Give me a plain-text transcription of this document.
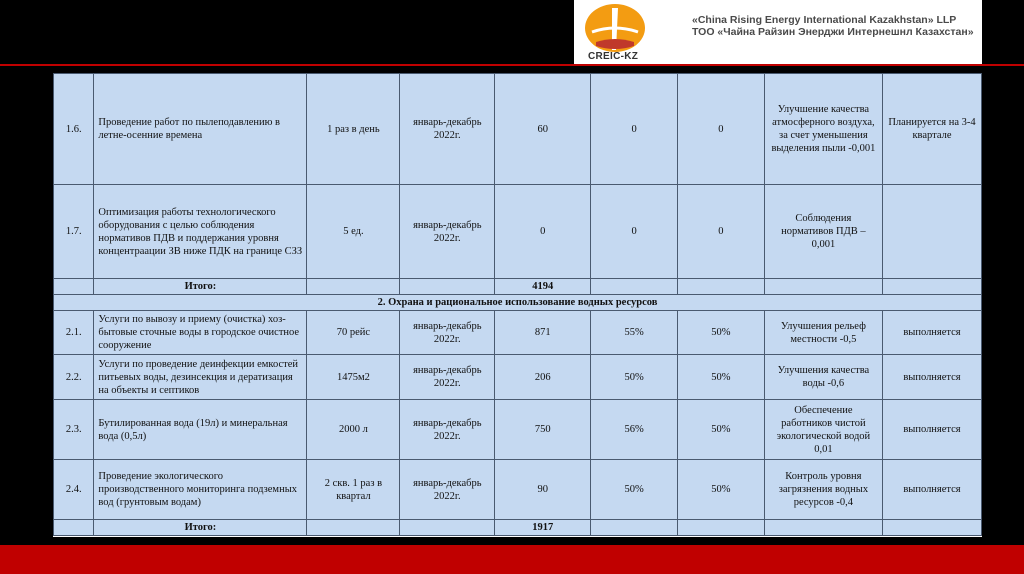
CREIC-KZ
«China Rising Energy International Kazakhstan» LLP
ТОО «Чайна Райзин Энерджи Интернешнл Казахстан»
1.6.	Проведение работ по пылеподавлению в летне-осенние времена	1 раз в день	январь-декабрь 2022г.	60	0	0	Улучшение качества атмосферного воздуха, за счет уменьшения выделения пыли -0,001	Планируется на 3-4 квартале
1.7.	Оптимизация работы технологического оборудования с целью соблюдения нормативов ПДВ и поддержания уровня концентраации ЗВ ниже ПДК на границе СЗЗ	5 ед.	январь-декабрь 2022г.	0	0	0	Соблюдения нормативов ПДВ – 0,001	
	Итого:			4194				
2. Охрана и рациональное использование водных ресурсов								
2.1.	Услуги по вывозу и приему (очистка) хоз-бытовые сточные воды в городское очистное сооружение	70 рейс	январь-декабрь 2022г.	871	55%	50%	Улучшения рельеф местности -0,5	выполняется
2.2.	Услуги по проведение деинфекции емкостей питьевых воды, дезинсекция и дератизация на объекты и септиков	1475м2	январь-декабрь 2022г.	206	50%	50%	Улучшения качества воды -0,6	выполняется
2.3.	Бутилированная вода (19л) и минеральная вода (0,5л)	2000 л	январь-декабрь 2022г.	750	56%	50%	Обеспечение работников чистой экологической водой 0,01	выполняется
2.4.	Проведение экологического производственного мониторинга подземных вод (грунтовым водам)	2 скв. 1 раз в квартал	январь-декабрь 2022г.	90	50%	50%	Контроль уровня загрязнения водных ресурсов -0,4	выполняется
	Итого:			1917				
